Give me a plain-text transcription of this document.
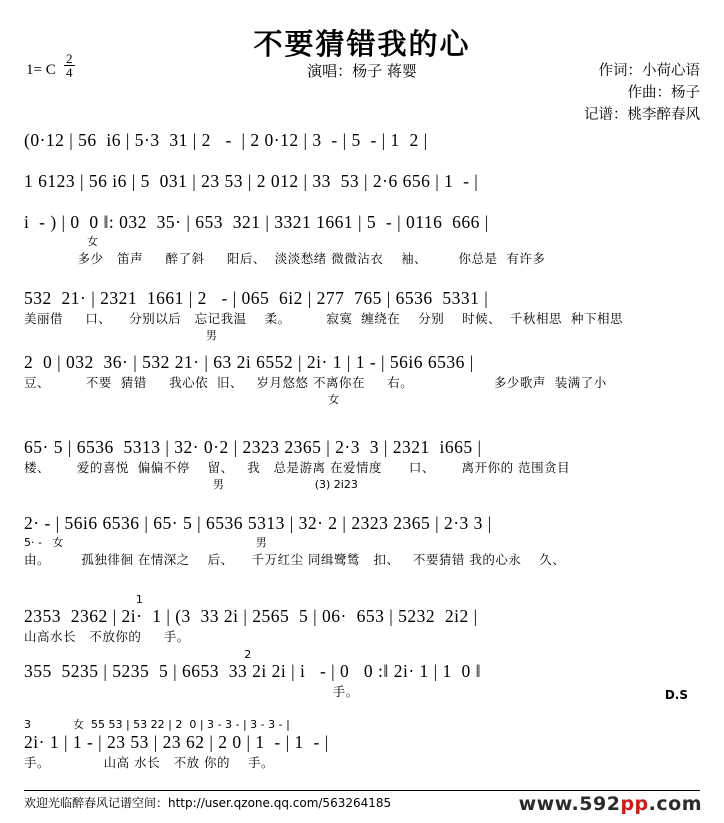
不要猜错我的心
演唱：杨子 蒋婴
1= C $\frac{2}{4}$	作词：小荷心语
作曲：杨子
记谱：桃李醉春风
(0·12 | 56  i6 | 5·3  31 | 2   -  | 2 0·12 | 3  - | 5  - | 1  2 |
1 6123 | 56 i6 | 5  031 | 23 53 | 2 012 | 33  53 | 2·6 656 | 1  - |
i  - ) | 0  0 ‖: 032  35· | 653  321 | 3321 1661 | 5  - | 0116  666 |
女
多少   笛声     醉了斜     阳后、  淡淡愁绪 微微沾衣    袖、       你总是  有许多
532  21· | 2321  1661 | 2   - | 065  6i2 | 277  765 | 6536  5331 |
美丽借     口、    分别以后   忘记我温    柔。        寂寞  缠绕在    分别    时候、  千秋相思  种下相思
男
2  0 | 032  36· | 532 21· | 63 2i 6552 | 2i· 1 | 1 - | 56i6 6536 |
豆、        不要  猜错     我心依  旧、   岁月悠悠 不离你在     右。                  多少歌声  装满了小
女
65· 5 | 6536  5313 | 32· 0·2 | 2323 2365 | 2·3  3 | 2321  i665 |
楼、      爱的喜悦  偏偏不停    留、   我   总是游离 在爱情度      口、      离开你的 范围贪目
男                          (3) 2i23
2· - | 56i6 6536 | 65· 5 | 6536 5313 | 32· 2 | 2323 2365 | 2·3 3 |
5· -   女                                                       男
由。       孤独徘徊 在情深之    后、    千万红尘 同缉鹭鸶   扣、   不要猜错 我的心永    久、
1
2353  2362 | 2i·  1 | (3  33 2i | 2565  5 | 06·  653 | 5232  2i2 |
山高水长   不放你的     手。
2
355  5235 | 5235  5 | 6653  33 2i 2i | i   - | 0   0 :‖ 2i· 1 | 1  0 ‖
手。	D.S
3            女  55 53 | 53 22 | 2  0 | 3 - 3 - | 3 - 3 - |
2i· 1 | 1 - | 23 53 | 23 62 | 2 0 | 1  - | 1  - |
手。            山高 水长   不放 你的    手。
欢迎光临醉春风记谱空间：http://user.qzone.qq.com/563264185	www.592pp.com
